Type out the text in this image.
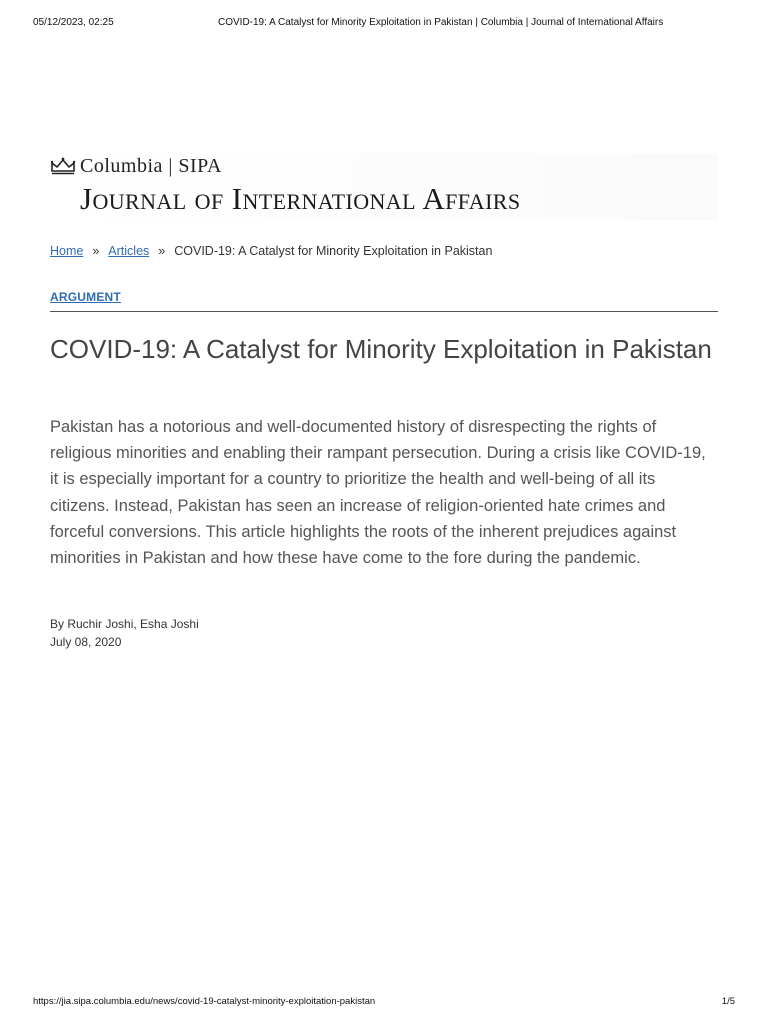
05/12/2023, 02:25	COVID-19: A Catalyst for Minority Exploitation in Pakistan | Columbia | Journal of International Affairs
Columbia | SIPA
Journal of International Affairs
Home » Articles » COVID-19: A Catalyst for Minority Exploitation in Pakistan
ARGUMENT
COVID-19: A Catalyst for Minority Exploitation in Pakistan

Pakistan has a notorious and well-documented history of disrespecting the rights of religious minorities and enabling their rampant persecution. During a crisis like COVID-19, it is especially important for a country to prioritize the health and well-being of all its citizens. Instead, Pakistan has seen an increase of religion-oriented hate crimes and forceful conversions. This article highlights the roots of the inherent prejudices against minorities in Pakistan and how these have come to the fore during the pandemic.

By Ruchir Joshi, Esha Joshi
July 08, 2020
https://jia.sipa.columbia.edu/news/covid-19-catalyst-minority-exploitation-pakistan	1/5
